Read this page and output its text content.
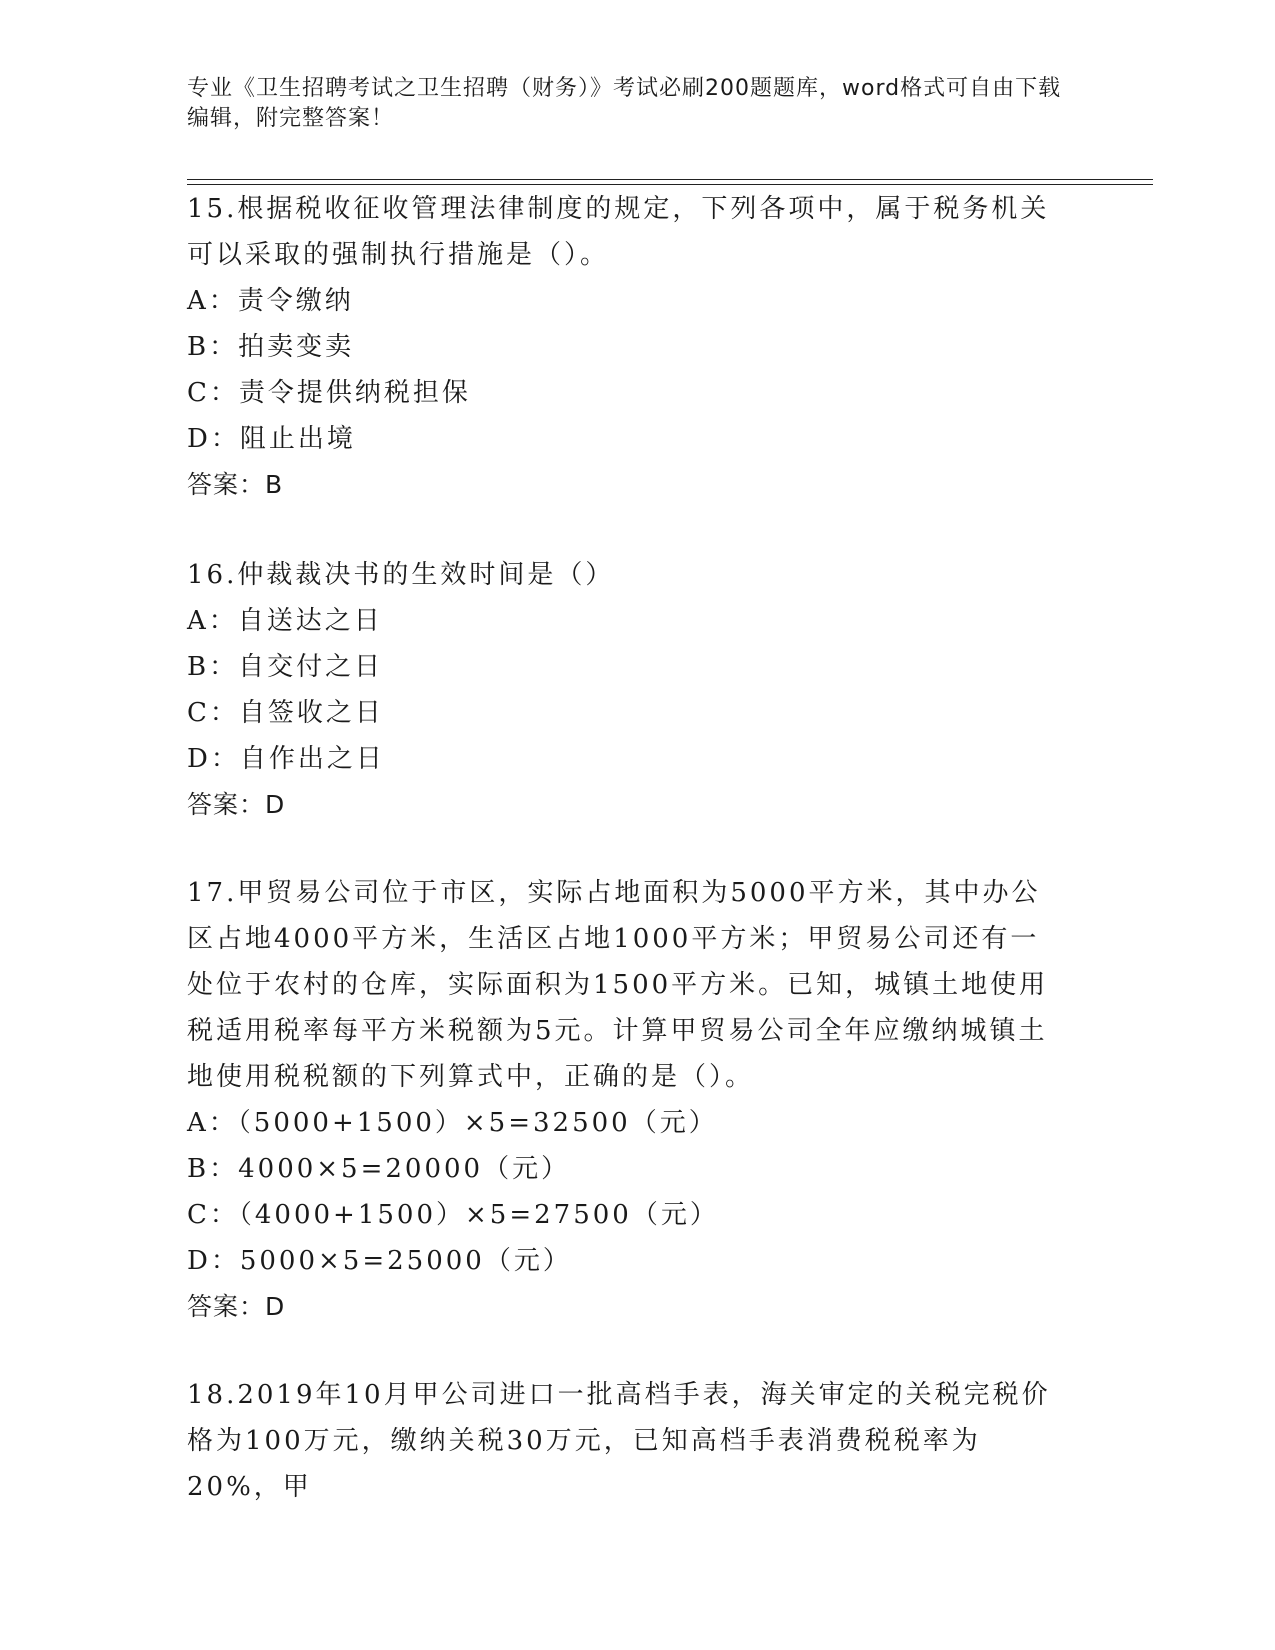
专业《卫生招聘考试之卫生招聘（财务）》考试必刷200题题库，word格式可自由下载编辑，附完整答案！

15.根据税收征收管理法律制度的规定，下列各项中，属于税务机关可以采取的强制执行措施是（）。

A：责令缴纳

B：拍卖变卖

C：责令提供纳税担保

D：阻止出境

答案：B

16.仲裁裁决书的生效时间是（）

A：自送达之日

B：自交付之日

C：自签收之日

D：自作出之日

答案：D

17.甲贸易公司位于市区，实际占地面积为5000平方米，其中办公区占地4000平方米，生活区占地1000平方米；甲贸易公司还有一处位于农村的仓库，实际面积为1500平方米。已知，城镇土地使用税适用税率每平方米税额为5元。计算甲贸易公司全年应缴纳城镇土地使用税税额的下列算式中，正确的是（）。

A：（5000+1500）×5=32500（元）

B：4000×5=20000（元）

C：（4000+1500）×5=27500（元）

D：5000×5=25000（元）

答案：D

18.2019年10月甲公司进口一批高档手表，海关审定的关税完税价格为100万元，缴纳关税30万元，已知高档手表消费税税率为20%，甲
